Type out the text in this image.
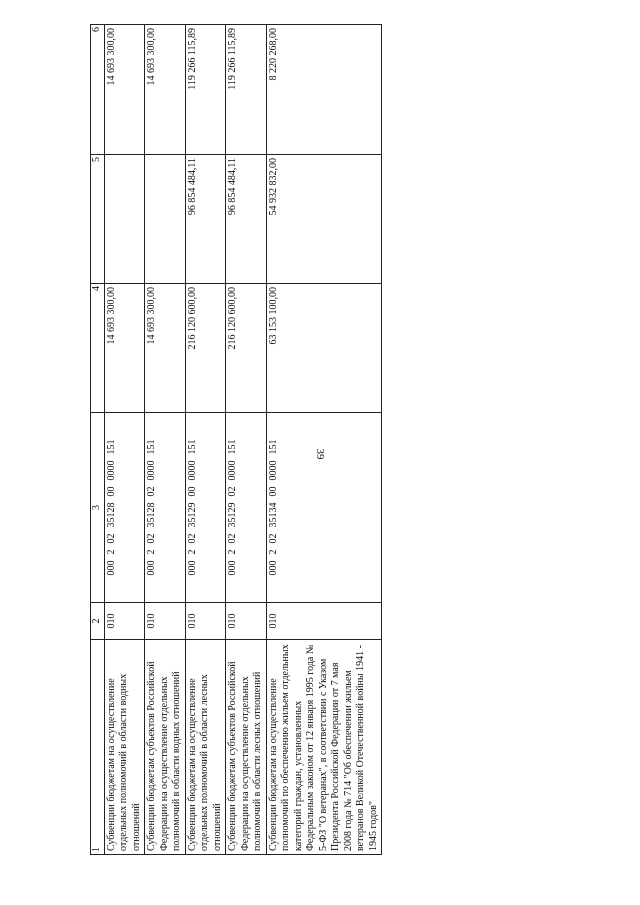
39
1	2	3	4	5	6
Субвенции бюджетам на осуществление отдельных полномочий в области водных отношений	010	00020235128000000151	14 693 300,00		14 693 300,00
Субвенции бюджетам субъектов Российской Федерации на осуществление отдельных полномочий в области водных отношений	010	00020235128020000151	14 693 300,00		14 693 300,00
Субвенции бюджетам на осуществление отдельных полномочий в области лесных отношений	010	00020235129000000151	216 120 600,00	96 854 484,11	119 266 115,89
Субвенции бюджетам субъектов Российской Федерации на осуществление отдельных полномочий в области лесных отношений	010	00020235129020000151	216 120 600,00	96 854 484,11	119 266 115,89
Субвенции бюджетам на осуществление полномочий по обеспечению жильем отдельных категорий граждан, установленных Федеральным законом от 12 января 1995 года № 5-ФЗ "О ветеранах", в соответствии с Указом Президента Российской Федерации от 7 мая 2008 года № 714 "Об обеспечении жильем ветеранов Великой Отечественной войны 1941 - 1945 годов"	010	00020235134000000151	63 153 100,00	54 932 832,00	8 220 268,00
